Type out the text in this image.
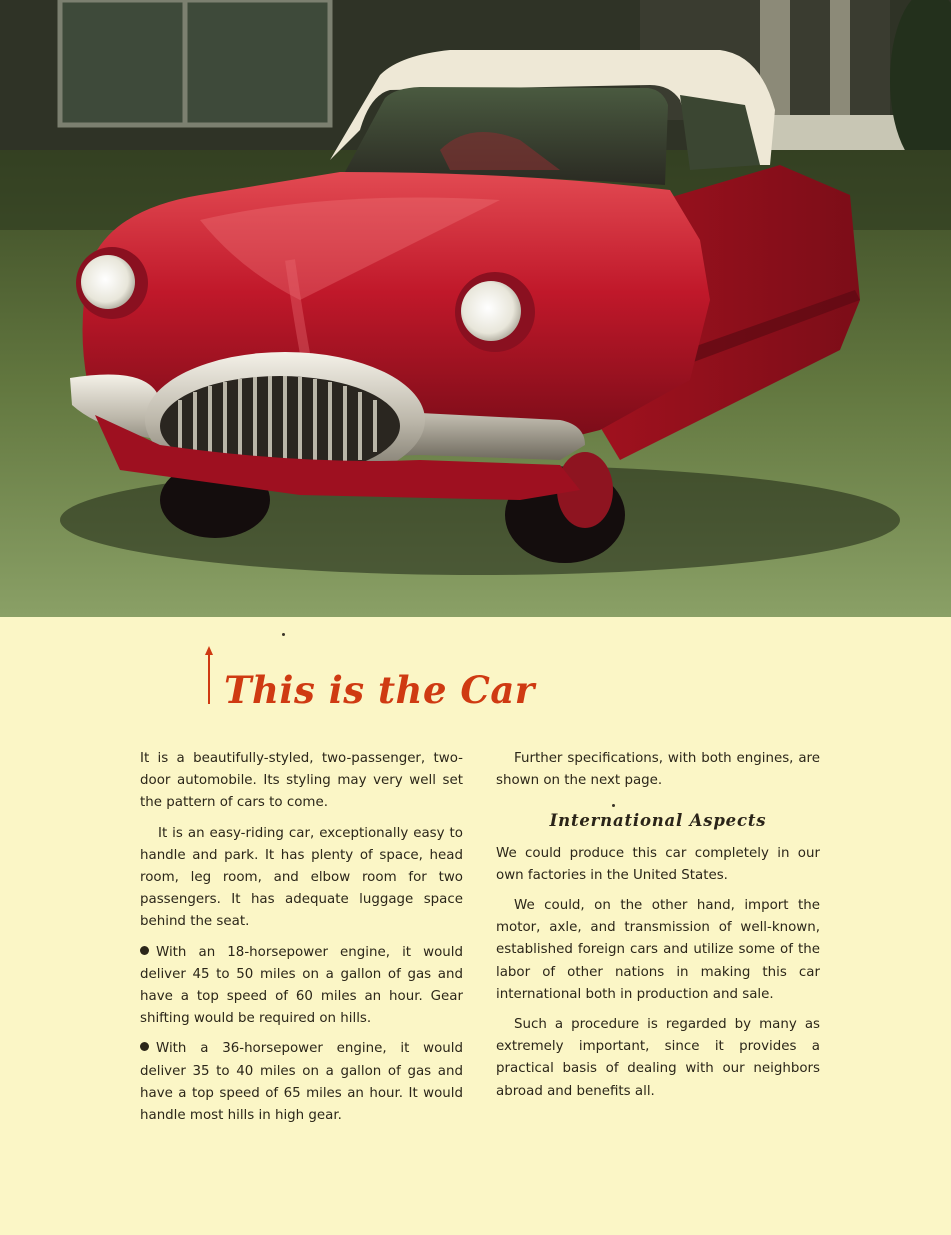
This is the Car

It is a beautifully-styled, two-passenger, two-door automobile. Its styling may very well set the pattern of cars to come.

It is an easy-riding car, exceptionally easy to handle and park. It has plenty of space, head room, leg room, and elbow room for two passengers. It has adequate luggage space behind the seat.

With an 18-horsepower engine, it would deliver 45 to 50 miles on a gallon of gas and have a top speed of 60 miles an hour. Gear shifting would be required on hills.

With a 36-horsepower engine, it would deliver 35 to 40 miles on a gallon of gas and have a top speed of 65 miles an hour. It would handle most hills in high gear.

Further specifications, with both engines, are shown on the next page.

International Aspects

We could produce this car completely in our own factories in the United States.

We could, on the other hand, import the motor, axle, and transmission of well-known, established foreign cars and utilize some of the labor of other nations in making this car international both in production and sale.

Such a procedure is regarded by many as extremely important, since it provides a practical basis of dealing with our neighbors abroad and benefits all.
